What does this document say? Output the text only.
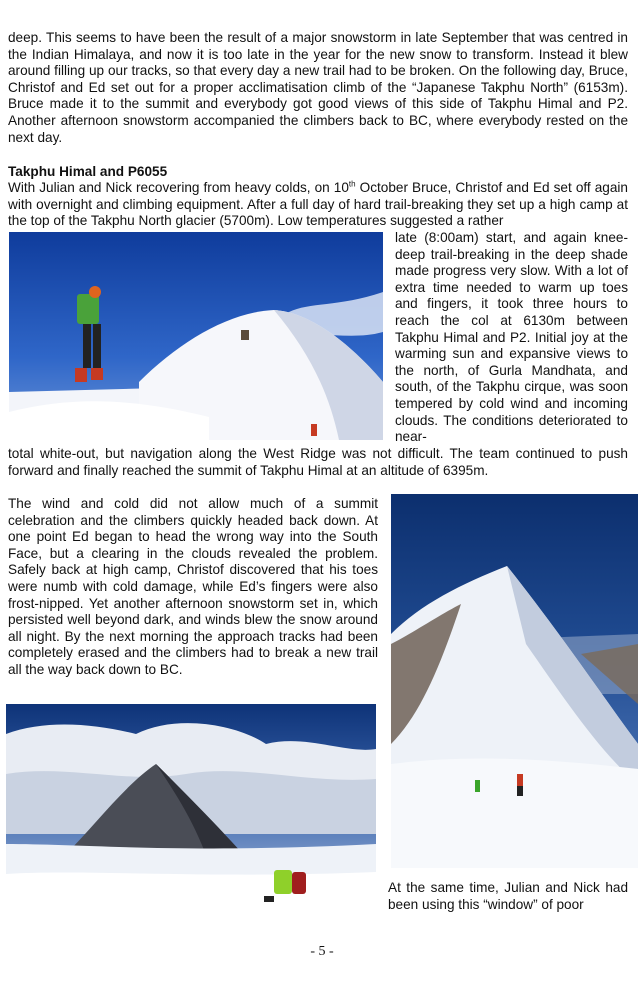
deep. This seems to have been the result of a major snowstorm in late September that was centred in the Indian Himalaya, and now it is too late in the year for the new snow to transform. Instead it blew around filling up our tracks, so that every day a new trail had to be broken. On the following day, Bruce, Christof and Ed set out for a proper acclimatisation climb of the “Japanese Takphu North” (6153m). Bruce made it to the summit and everybody got good views of this side of Takphu Himal and P2. Another afternoon snowstorm accompanied the climbers back to BC, where everybody rested on the next day.

Takphu Himal and P6055

With Julian and Nick recovering from heavy colds, on 10th October Bruce, Christof and Ed set off again with overnight and climbing equipment. After a full day of hard trail-breaking they set up a high camp at the top of the Takphu North glacier (5700m). Low temperatures suggested a rather

late (8:00am) start, and again knee-deep trail-breaking in the deep shade made progress very slow. With a lot of extra time needed to warm up toes and fingers, it took three hours to reach the col at 6130m between Takphu Himal and P2. Initial joy at the warming sun and expansive views to the north, of Gurla Mandhata, and south, of the Takphu cirque, was soon tempered by cold wind and incoming clouds. The conditions deteriorated to near-

total white-out, but navigation along the West Ridge was not difficult. The team continued to push forward and finally reached the summit of Takphu Himal at an altitude of 6395m.

The wind and cold did not allow much of a summit celebration and the climbers quickly headed back down. At one point Ed began to head the wrong way into the South Face, but a clearing in the clouds revealed the problem. Safely back at high camp, Christof discovered that his toes were numb with cold damage, while Ed’s fingers were also frost-nipped. Yet another afternoon snowstorm set in, which persisted well beyond dark, and winds blew the snow around all night. By the next morning the approach tracks had been completely erased and the climbers had to break a new trail all the way back down to BC.

At the same time, Julian and Nick had been using this “window” of poor

- 5 -
